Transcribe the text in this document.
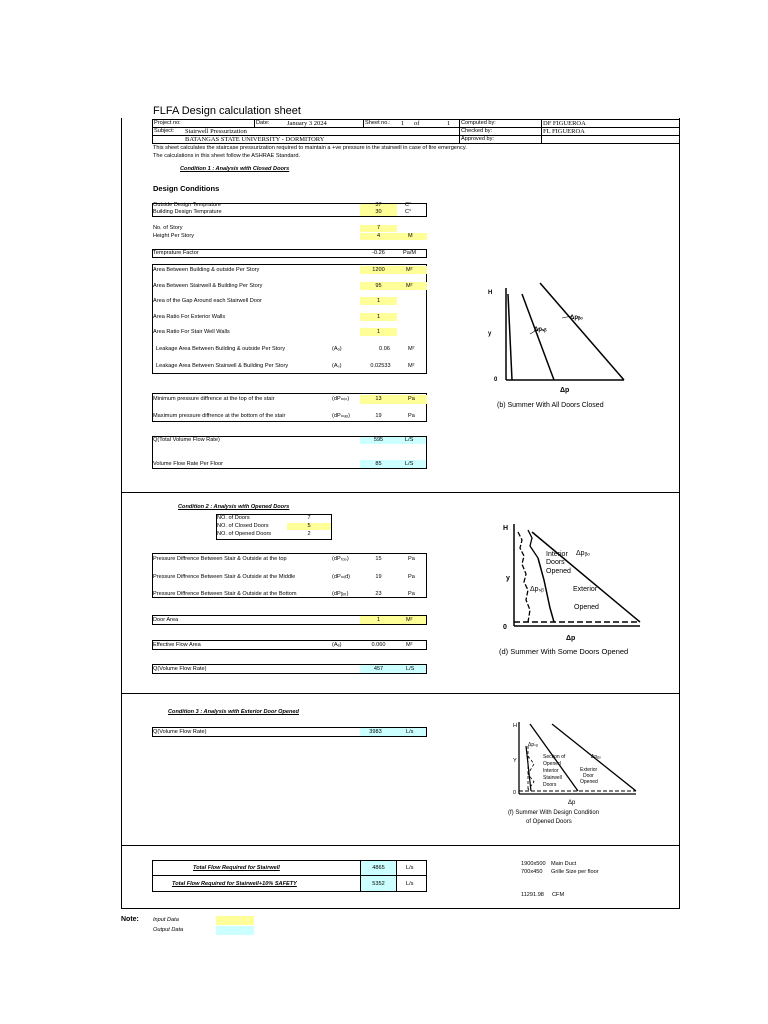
FLFA Design calculation sheet
Project no:	Date:	January 3 2024	Sheet no.: 1 of	1 Computed by:	DF FIGUEROA
Subject: Stairwell Pressurization	Checked by:	FL FIGUEROA
BATANGAS STATE UNIVERSITY - DORMITORY	Approved by:
This sheet calculates the staircase pressurization required to maintain a +ve pressure in the stairwell in case of fire emergency.
The calculations in this sheet follow the ASHRAE Standard.
Condition 1 : Analysis with Closed Doors
Design Conditions
Outside Design Temprature	37	C°
Building Design Temprature	30	C°
No. of Story	7
Height Per Story	4	M
Temprature Factor	-0.26	Pa/M
Area Between Building & outside Per Story	1200	M²
Area Between Stairwell & Building Per Story	95	M²
Area of the Gap Around each Stairwell Door	1
Area Ratio For Exterior Walls	1
Area Ratio For Stair Well Walls	1
Leakage Area Between Building & outside Per Story	(Aₒ)	0.06	M²
Leakage Area Between Stairwell & Building Per Story	(Aₛ)	0.02533	M²
Minimum pressure diffrence at the top of the stair	(dPₘᵢₙ)	13	Pa
Maximum pressure diffrence at the bottom of the stair	(dPₘₐₓ)	19	Pa
Q(Total Volume Flow Rate)	595	L/S
Volume Flow Rate Per Floor	85	L/S
H
y
0
Δpₛᵦ
Δpᵦₒ
Δp
(b) Summer With All Doors Closed
Condition 2 : Analysis with Opened Doors
NO. of Doors	7
NO. of Closed Doors	5
NO. of Opened Doors	2
Pressure Diffrence Between Stair & Outside at the top	(dPₜₒₚ)	15	Pa
Pressure Diffrence Between Stair & Outside at the Middle	(dPₘᵢd)	19	Pa
Pressure Diffrence Between Stair & Outside at the Bottom	(dPᵦₒₜ)	23	Pa
Door Area	1	M²
Effective Flow Area	(Aₑ)	0.060	M²
Q(Volume Flow Rate)	457	L/S
H
y
0
Interior
Doors
Opened
Δpᵦₒ
Δpₛᵦ	Exterior
Opened
Δp
(d) Summer With Some Doors Opened
Condition 3 : Analysis with Exterior Door Opened
Q(Volume Flow Rate)	3983	L/s
H
Y
0
Δpₛᵦ
Δpᵦₒ
Section of
Opened
Interior
Stairwell
Doors
Exterior
Door
Opened
Δp
(f) Summer With Design Condition
of Opened Doors
Total Flow Required for Stairwell	4865	L/s
Total Flow Required for Stairwell+10% SAFETY	5352	L/s
1900x500 Main Duct
700x450 Grille Size per floor
11291.98 CFM
Note:	Input Data
Output Data
